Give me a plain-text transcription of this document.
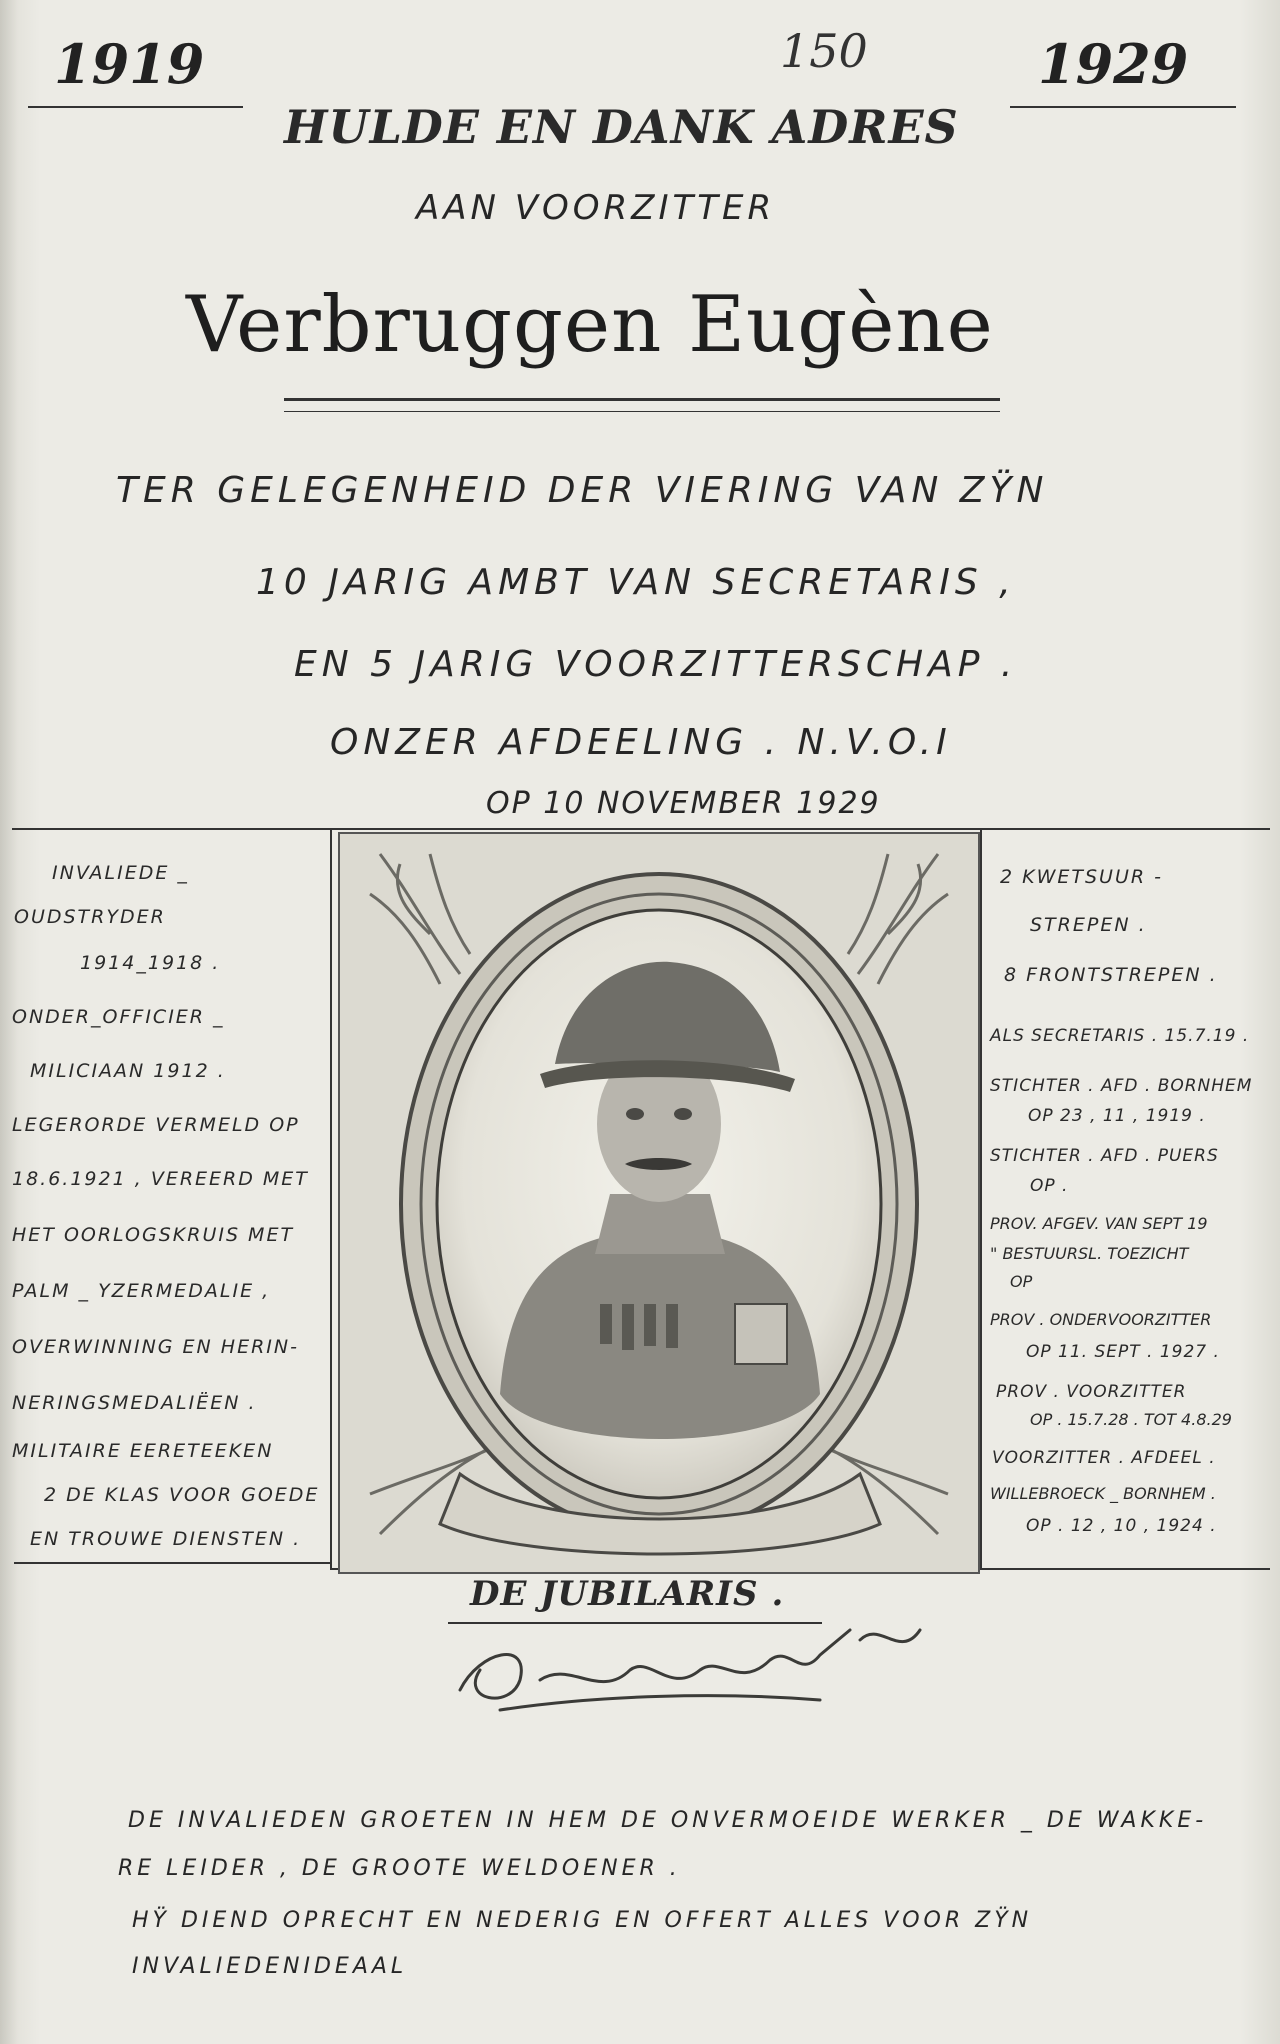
1919	150	1929
HULDE EN DANK ADRES
AAN VOORZITTER
Verbruggen Eugène
TER GELEGENHEID DER VIERING VAN ZŸN
10 JARIG AMBT VAN SECRETARIS ,
EN 5 JARIG VOORZITTERSCHAP .
ONZER AFDEELING . N.V.O.I
OP 10 NOVEMBER 1929
INVALIEDE _
OUDSTRYDER
1914_1918 .
ONDER_OFFICIER _
MILICIAAN 1912 .
LEGERORDE VERMELD OP
18.6.1921 , VEREERD MET
HET OORLOGSKRUIS MET
PALM _ YZERMEDALIE ,
OVERWINNING EN HERIN-
NERINGSMEDALIËEN .
MILITAIRE EERETEEKEN
2 DE KLAS VOOR GOEDE
EN TROUWE DIENSTEN .
2 KWETSUUR -
STREPEN .
8 FRONTSTREPEN .
ALS SECRETARIS . 15.7.19 .
STICHTER . AFD . BORNHEM
OP 23 , 11 , 1919 .
STICHTER . AFD . PUERS
OP .
PROV. AFGEV. VAN SEPT 19
" BESTUURSL. TOEZICHT
OP
PROV . ONDERVOORZITTER
OP 11. SEPT . 1927 .
PROV . VOORZITTER
OP . 15.7.28 . TOT 4.8.29
VOORZITTER . AFDEEL .
WILLEBROECK _ BORNHEM .
OP . 12 , 10 , 1924 .
DE JUBILARIS .
DE INVALIEDEN GROETEN IN HEM DE ONVERMOEIDE WERKER _ DE WAKKE-
RE LEIDER , DE GROOTE WELDOENER .
HŸ DIEND OPRECHT EN NEDERIG EN OFFERT ALLES VOOR ZŸN
INVALIEDENIDEAAL
